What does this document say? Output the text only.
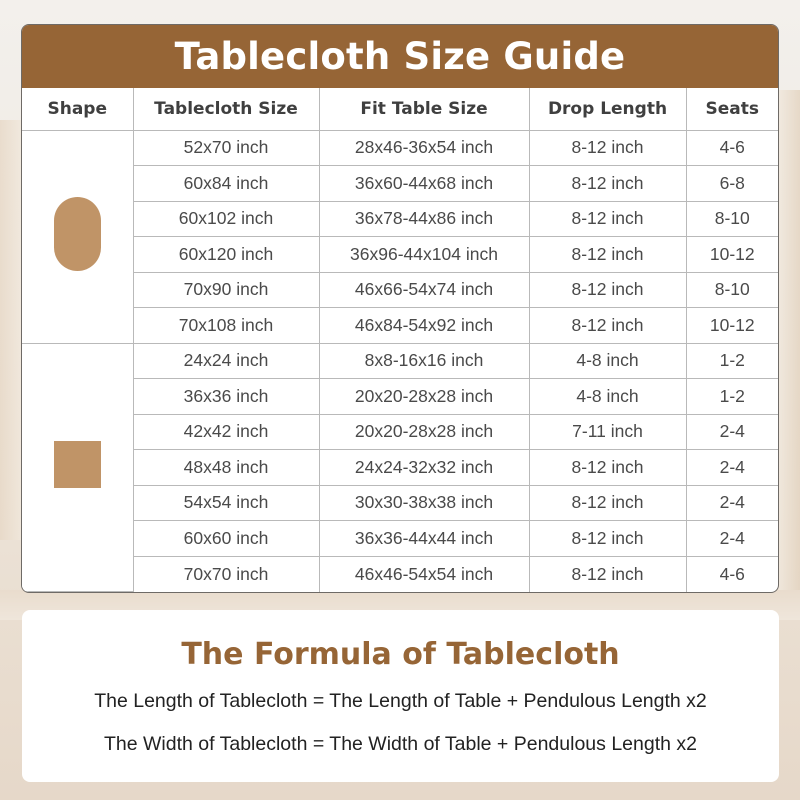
Tablecloth Size Guide
Shape	Tablecloth Size	Fit Table Size	Drop Length	Seats
	52x70 inch	28x46-36x54 inch	8-12 inch	4-6
	60x84 inch	36x60-44x68 inch	8-12 inch	6-8
	60x102 inch	36x78-44x86 inch	8-12 inch	8-10
	60x120 inch	36x96-44x104 inch	8-12 inch	10-12
	70x90 inch	46x66-54x74 inch	8-12 inch	8-10
	70x108 inch	46x84-54x92 inch	8-12 inch	10-12
	24x24 inch	8x8-16x16 inch	4-8 inch	1-2
	36x36 inch	20x20-28x28 inch	4-8 inch	1-2
	42x42 inch	20x20-28x28 inch	7-11 inch	2-4
	48x48 inch	24x24-32x32 inch	8-12 inch	2-4
	54x54 inch	30x30-38x38 inch	8-12 inch	2-4
	60x60 inch	36x36-44x44 inch	8-12 inch	2-4
	70x70 inch	46x46-54x54 inch	8-12 inch	4-6
The Formula of Tablecloth
The Length of Tablecloth = The Length of Table + Pendulous Length x2
The Width of Tablecloth = The Width of Table + Pendulous Length x2
